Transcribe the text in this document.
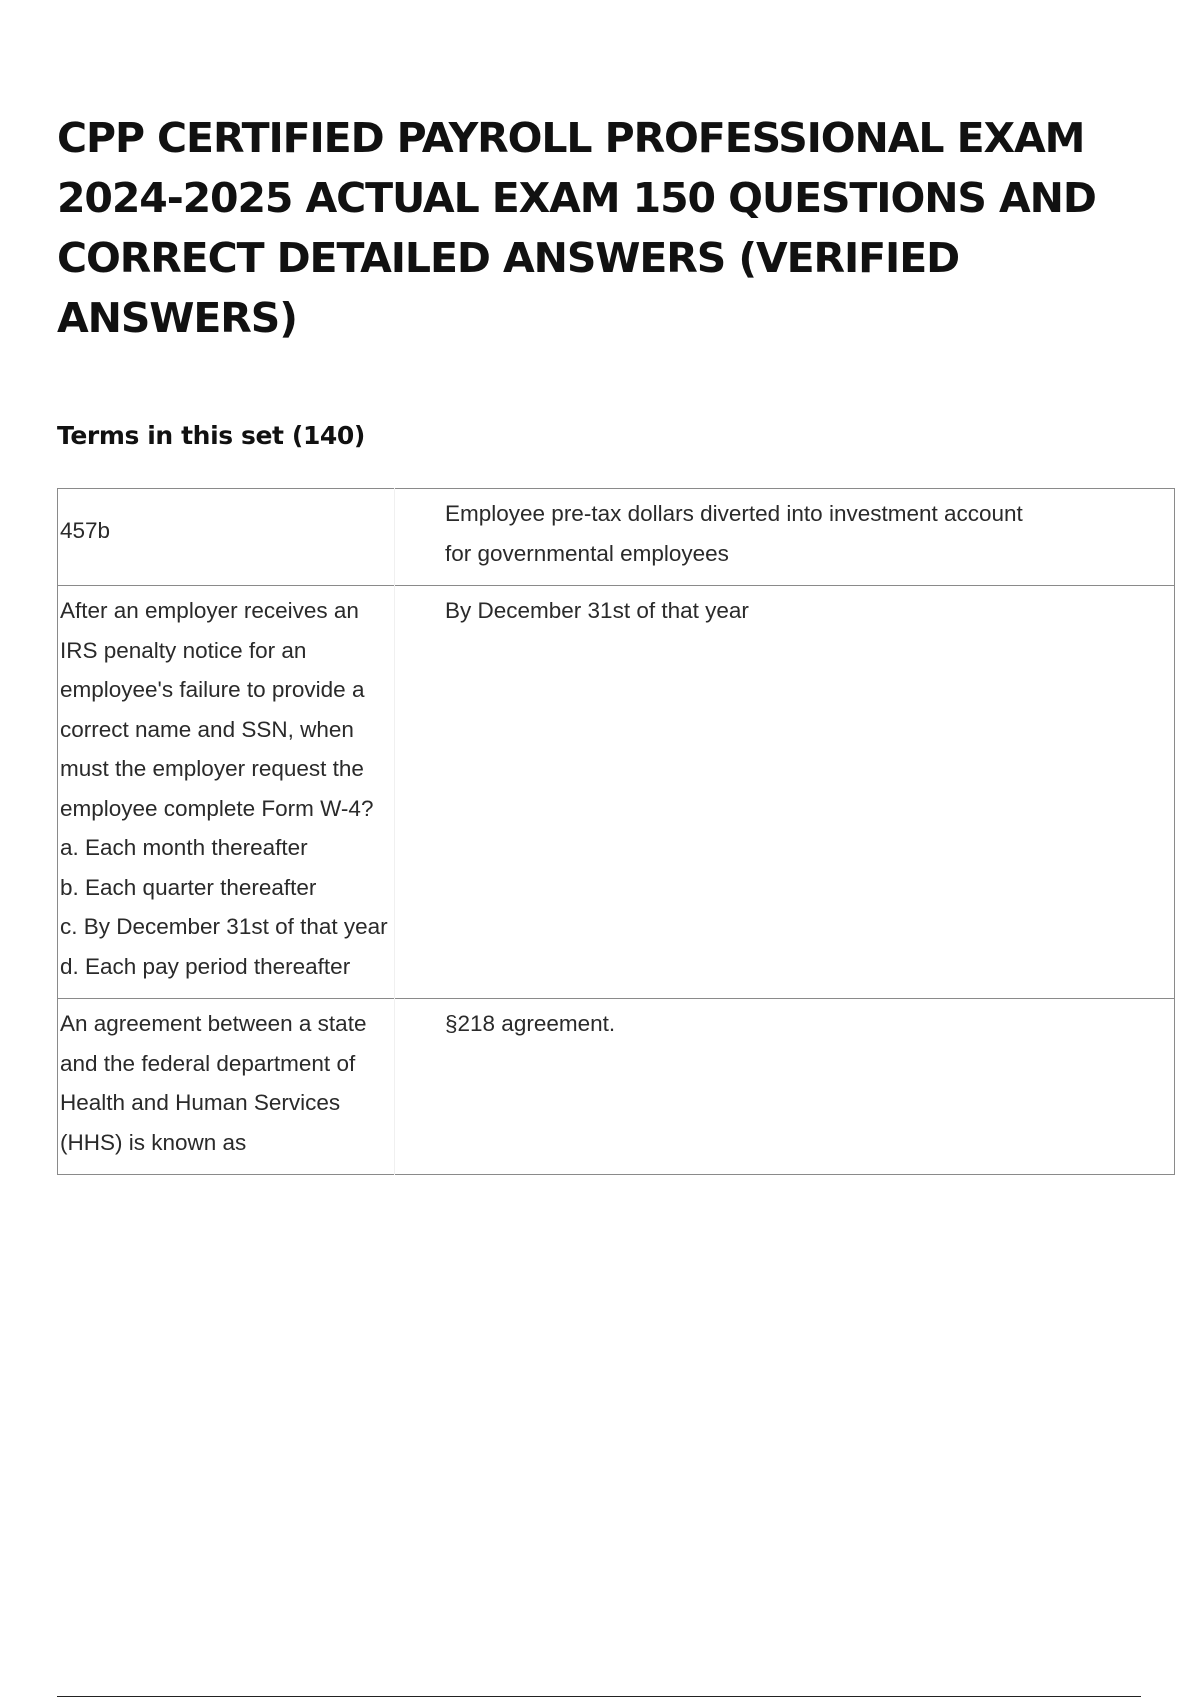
CPP CERTIFIED PAYROLL PROFESSIONAL EXAM 2024-2025 ACTUAL EXAM 150 QUESTIONS AND CORRECT DETAILED ANSWERS (VERIFIED ANSWERS)
Terms in this set (140)
457b	Employee pre-tax dollars diverted into investment account for governmental employees
After an employer receives an IRS penalty notice for an employee's failure to provide a correct name and SSN, when must the employer request the employee complete Form W-4?
a. Each month thereafter
b. Each quarter thereafter
c. By December 31st of that year
d. Each pay period thereafter	By December 31st of that year
An agreement between a state and the federal department of Health and Human Services (HHS) is known as	§218 agreement.
